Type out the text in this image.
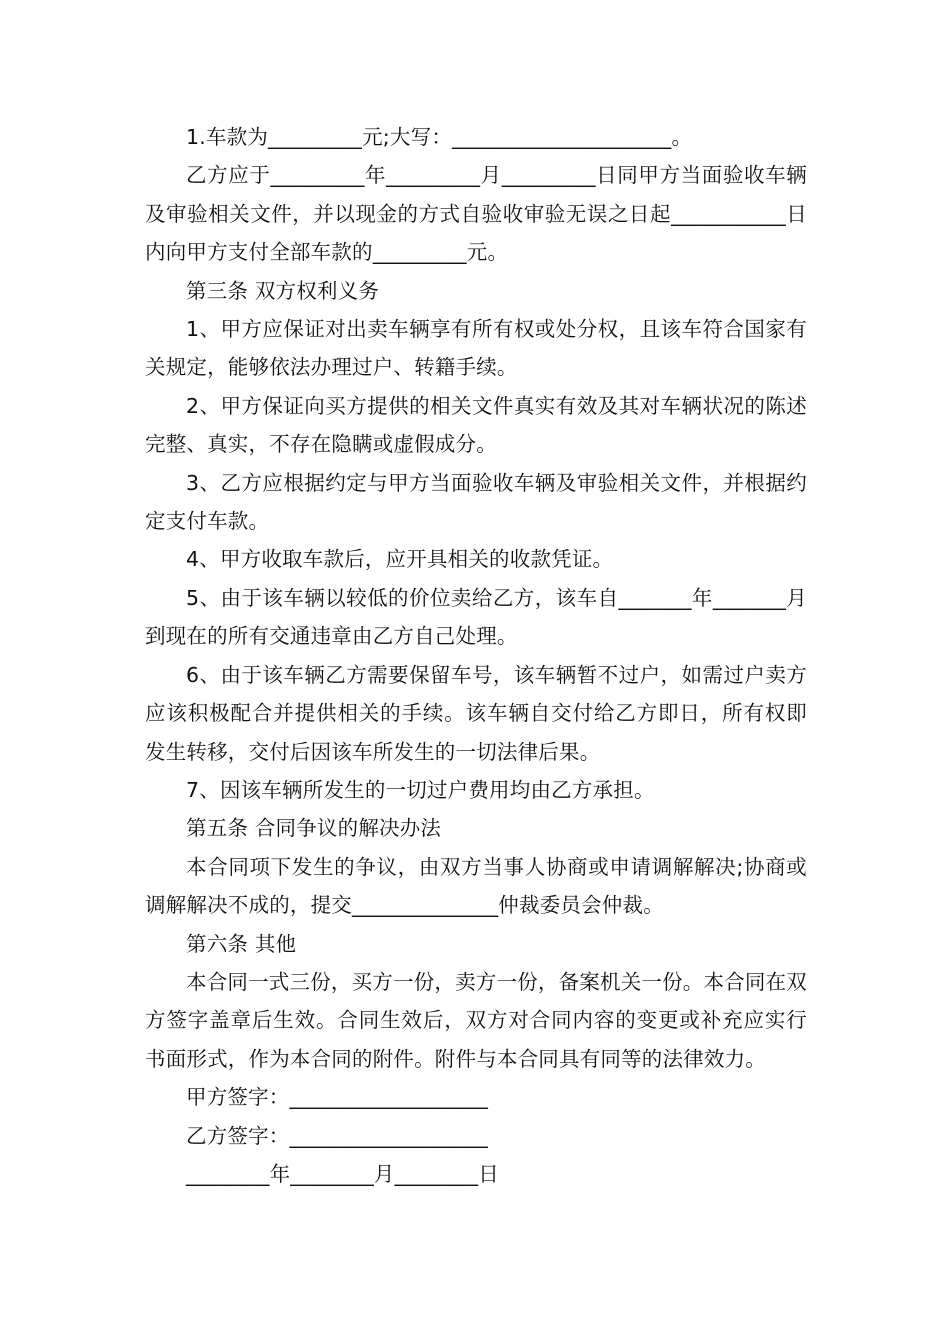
1.车款为_________元;大写：_____________________。

乙方应于_________年_________月_________日同甲方当面验收车辆及审验相关文件，并以现金的方式自验收审验无误之日起___________日内向甲方支付全部车款的_________元。

第三条 双方权利义务

1、甲方应保证对出卖车辆享有所有权或处分权，且该车符合国家有关规定，能够依法办理过户、转籍手续。

2、甲方保证向买方提供的相关文件真实有效及其对车辆状况的陈述完整、真实，不存在隐瞒或虚假成分。

3、乙方应根据约定与甲方当面验收车辆及审验相关文件，并根据约定支付车款。

4、甲方收取车款后，应开具相关的收款凭证。

5、由于该车辆以较低的价位卖给乙方，该车自_______年_______月到现在的所有交通违章由乙方自己处理。

6、由于该车辆乙方需要保留车号，该车辆暂不过户，如需过户卖方应该积极配合并提供相关的手续。该车辆自交付给乙方即日，所有权即发生转移，交付后因该车所发生的一切法律后果。

7、因该车辆所发生的一切过户费用均由乙方承担。

第五条 合同争议的解决办法

本合同项下发生的争议，由双方当事人协商或申请调解解决;协商或调解解决不成的，提交______________仲裁委员会仲裁。

第六条 其他

本合同一式三份，买方一份，卖方一份，备案机关一份。本合同在双方签字盖章后生效。合同生效后，双方对合同内容的变更或补充应实行书面形式，作为本合同的附件。附件与本合同具有同等的法律效力。

甲方签字：___________________

乙方签字：___________________

________年________月________日
